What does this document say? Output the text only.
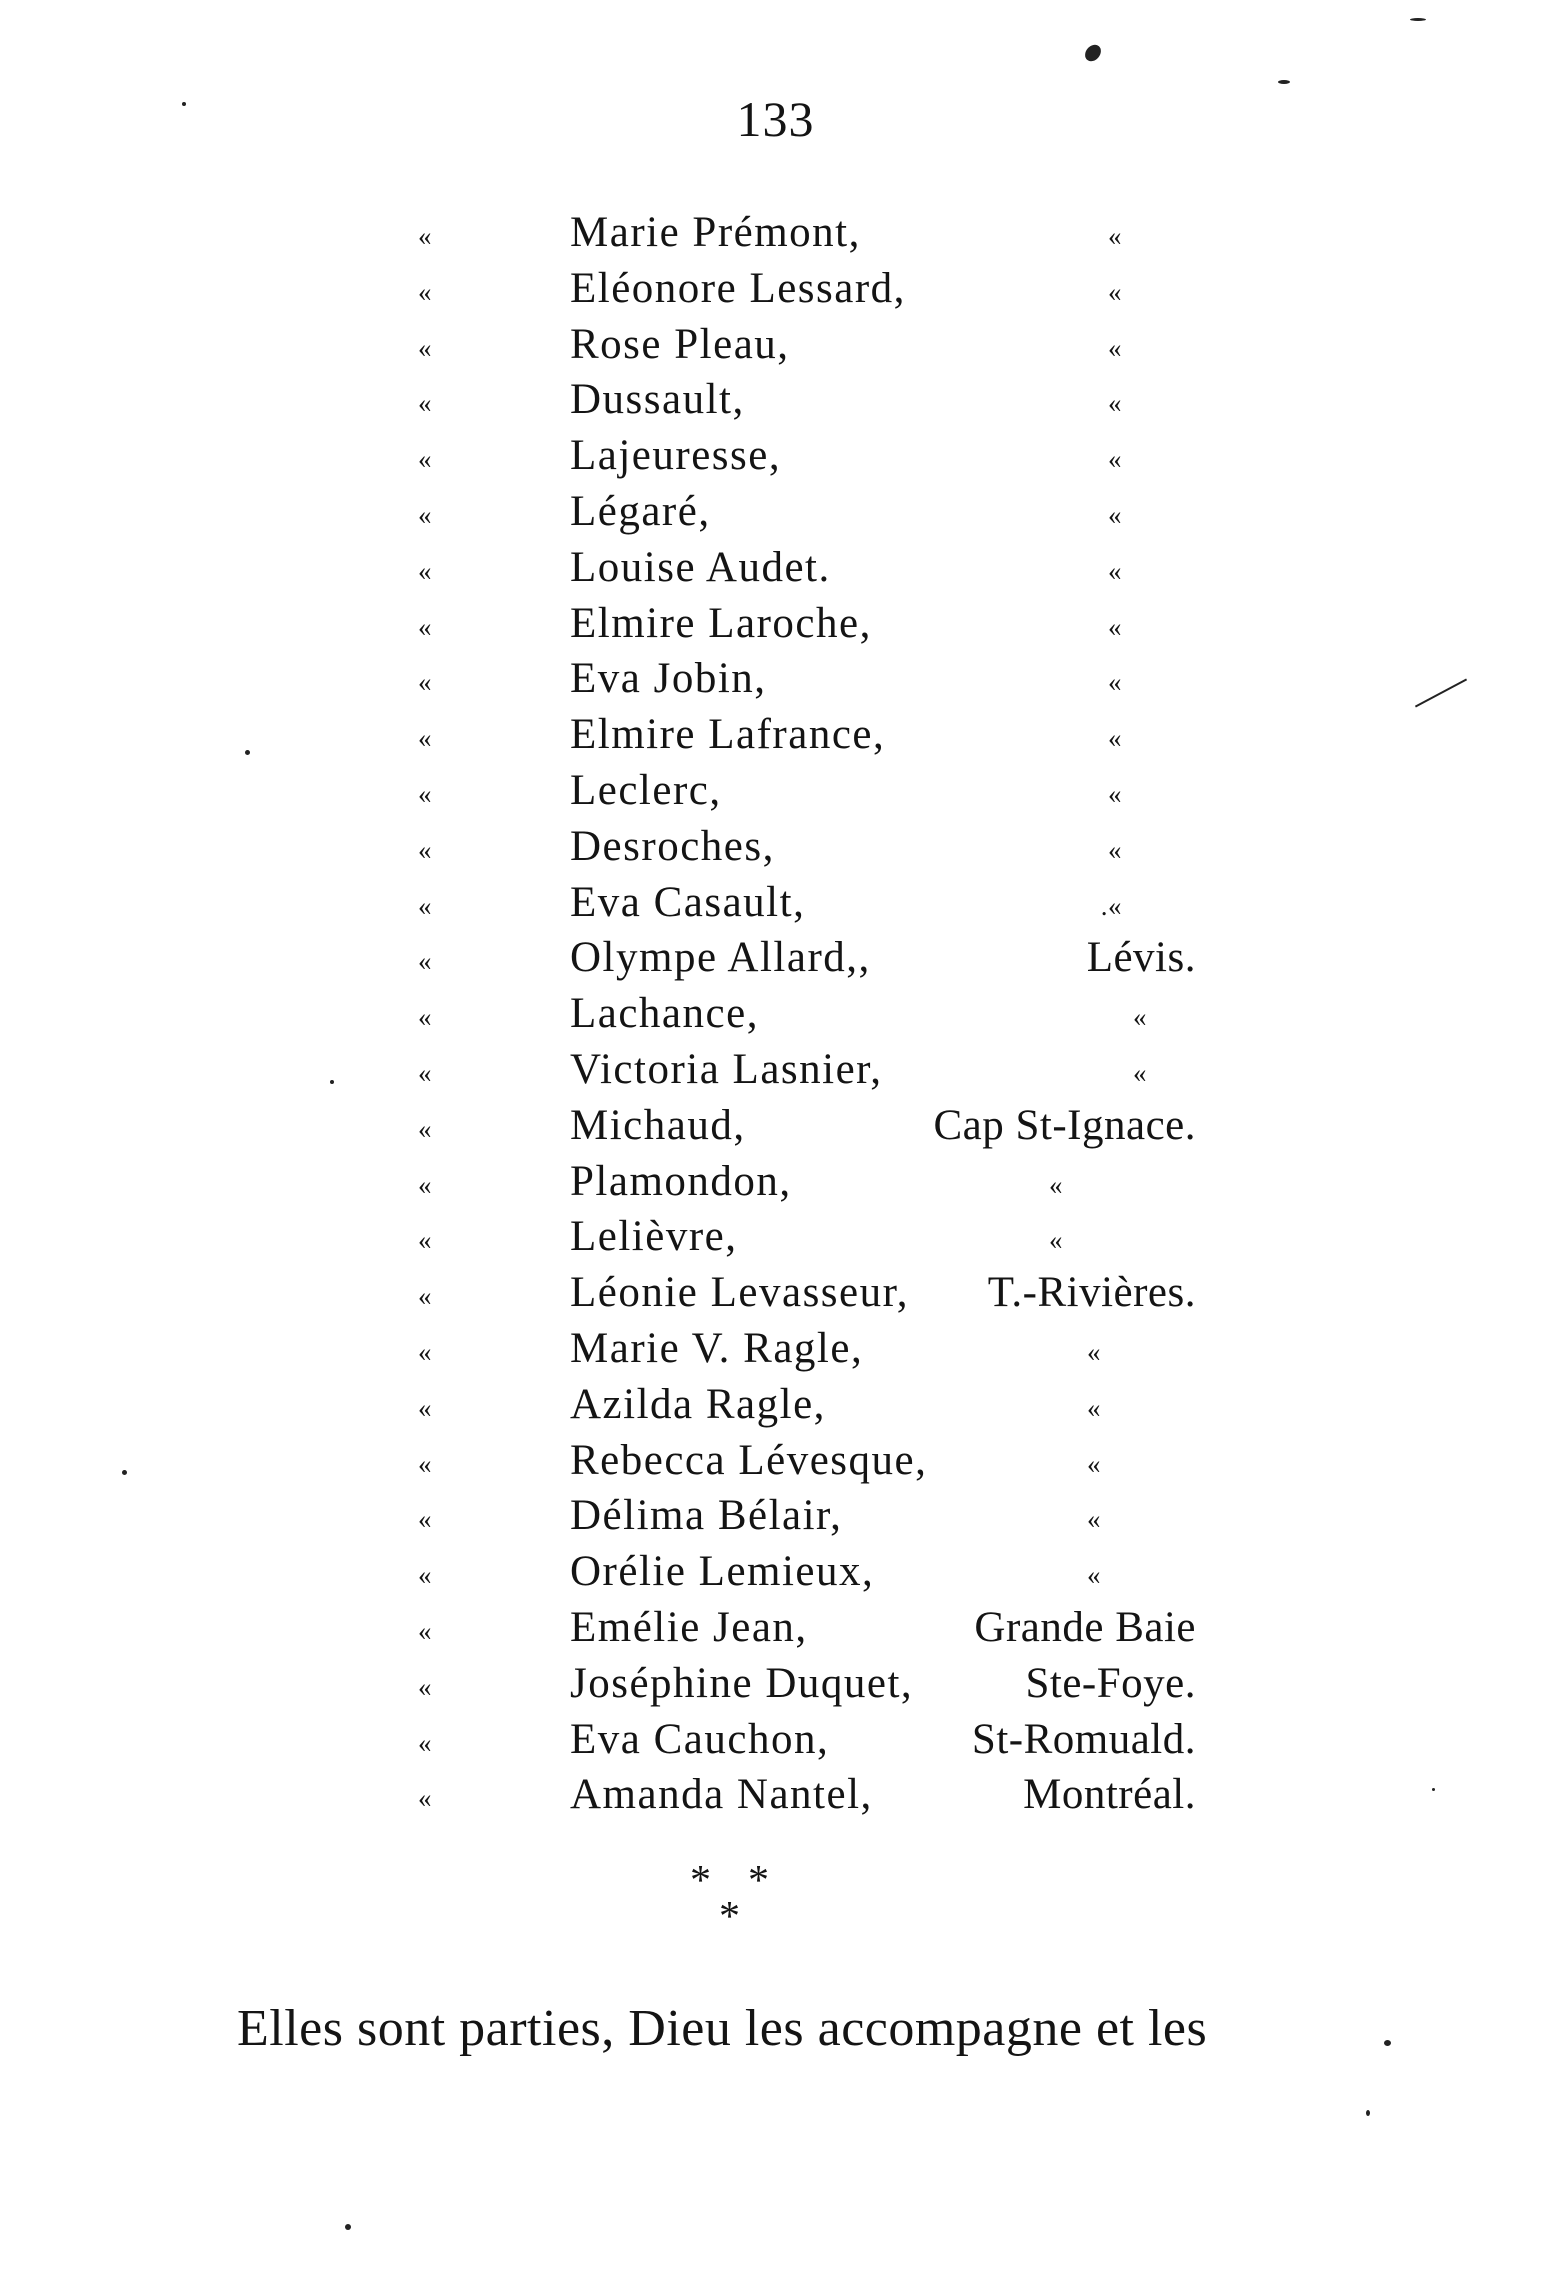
133
«	Marie Prémont,	«
«	Eléonore Lessard,	«
«	Rose Pleau,	«
«	Dussault,	«
«	Lajeuresse,	«
«	Légaré,	«
«	Louise Audet.	«
«	Elmire Laroche,	«
«	Eva Jobin,	«
«	Elmire Lafrance,	«
«	Leclerc,	«
«	Desroches,	«
«	Eva Casault,	.«
«	Olympe Allard,,	Lévis.
«	Lachance,	«
«	Victoria Lasnier,	«
«	Michaud,	Cap St-Ignace.
«	Plamondon,	«
«	Lelièvre,	«
«	Léonie Levasseur, T.-Rivières.
«	Marie V. Ragle,	«
«	Azilda Ragle,	«
«	Rebecca Lévesque,	«
«	Délima Bélair,	«
«	Orélie Lemieux,	«
«	Emélie Jean,	Grande Baie
«	Joséphine Duquet,	Ste-Foye.
«	Eva Cauchon,	St-Romuald.
«	Amanda Nantel,	Montréal.
* *
*
Elles sont parties, Dieu les accompagne et les
